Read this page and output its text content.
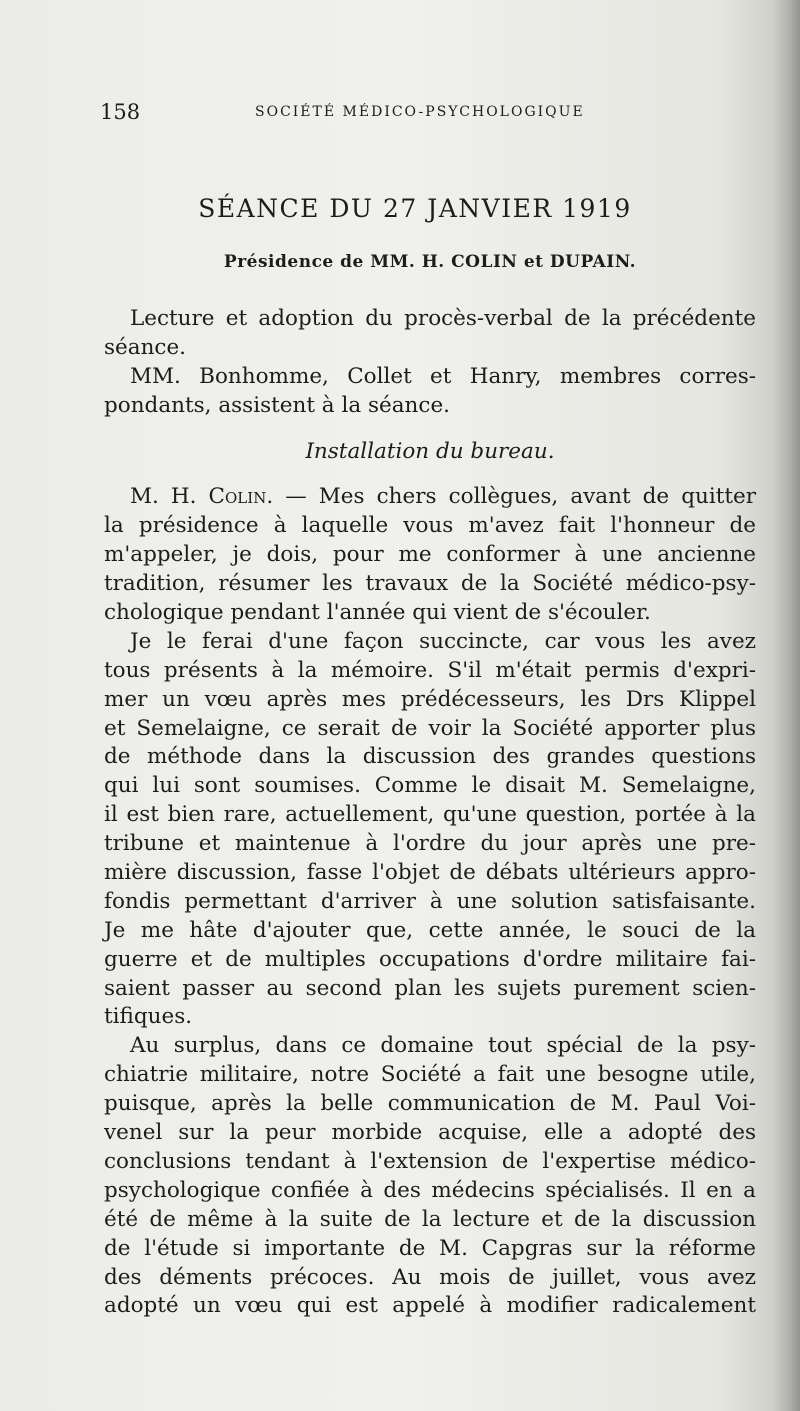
158	SOCIÉTÉ MÉDICO-PSYCHOLOGIQUE
SÉANCE DU 27 JANVIER 1919
Présidence de MM. H. COLIN et DUPAIN.
Lecture et adoption du procès-verbal de la précédente
séance.
MM. Bonhomme, Collet et Hanry, membres corres-
pondants, assistent à la séance.
Installation du bureau.
M. H. Colin. — Mes chers collègues, avant de quitter
la présidence à laquelle vous m'avez fait l'honneur de
m'appeler, je dois, pour me conformer à une ancienne
tradition, résumer les travaux de la Société médico-psy-
chologique pendant l'année qui vient de s'écouler.
Je le ferai d'une façon succincte, car vous les avez
tous présents à la mémoire. S'il m'était permis d'expri-
mer un vœu après mes prédécesseurs, les Drs Klippel
et Semelaigne, ce serait de voir la Société apporter plus
de méthode dans la discussion des grandes questions
qui lui sont soumises. Comme le disait M. Semelaigne,
il est bien rare, actuellement, qu'une question, portée à la
tribune et maintenue à l'ordre du jour après une pre-
mière discussion, fasse l'objet de débats ultérieurs appro-
fondis permettant d'arriver à une solution satisfaisante.
Je me hâte d'ajouter que, cette année, le souci de la
guerre et de multiples occupations d'ordre militaire fai-
saient passer au second plan les sujets purement scien-
tifiques.
Au surplus, dans ce domaine tout spécial de la psy-
chiatrie militaire, notre Société a fait une besogne utile,
puisque, après la belle communication de M. Paul Voi-
venel sur la peur morbide acquise, elle a adopté des
conclusions tendant à l'extension de l'expertise médico-
psychologique confiée à des médecins spécialisés. Il en a
été de même à la suite de la lecture et de la discussion
de l'étude si importante de M. Capgras sur la réforme
des déments précoces. Au mois de juillet, vous avez
adopté un vœu qui est appelé à modifier radicalement
